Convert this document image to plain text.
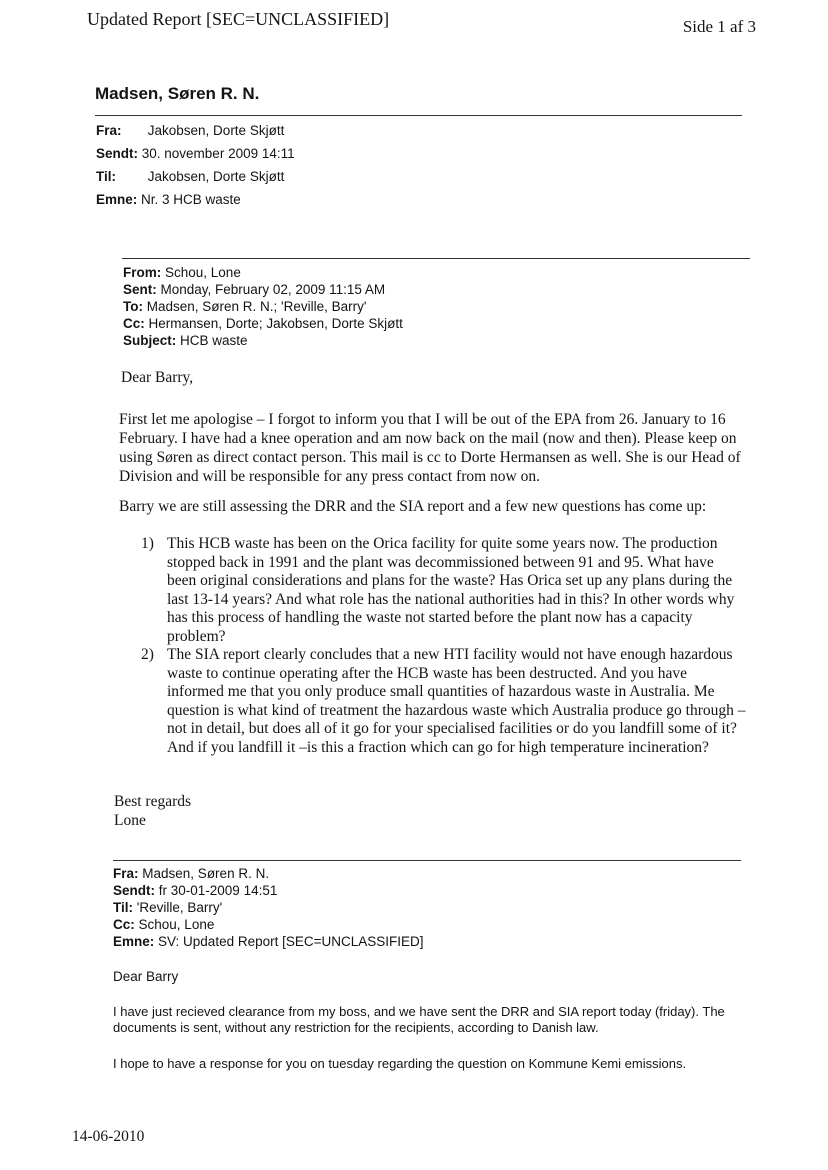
Updated Report [SEC=UNCLASSIFIED]	Side 1 af 3
Madsen, Søren R. N.
Fra: Jakobsen, Dorte Skjøtt
Sendt: 30. november 2009 14:11
Til: Jakobsen, Dorte Skjøtt
Emne: Nr. 3 HCB waste
From: Schou, Lone
Sent: Monday, February 02, 2009 11:15 AM
To: Madsen, Søren R. N.; 'Reville, Barry'
Cc: Hermansen, Dorte; Jakobsen, Dorte Skjøtt
Subject: HCB waste
Dear Barry,
First let me apologise – I forgot to inform you that I will be out of the EPA from 26. January to 16 February. I have had a knee operation and am now back on the mail (now and then). Please keep on using Søren as direct contact person. This mail is cc to Dorte Hermansen as well. She is our Head of Division and will be responsible for any press contact from now on.
Barry we are still assessing the DRR and the SIA report and a few new questions has come up:
1) This HCB waste has been on the Orica facility for quite some years now. The production stopped back in 1991 and the plant was decommissioned between 91 and 95. What have been original considerations and plans for the waste? Has Orica set up any plans during the last 13-14 years? And what role has the national authorities had in this? In other words why has this process of handling the waste not started before the plant now has a capacity problem?
2) The SIA report clearly concludes that a new HTI facility would not have enough hazardous waste to continue operating after the HCB waste has been destructed. And you have informed me that you only produce small quantities of hazardous waste in Australia. Me question is what kind of treatment the hazardous waste which Australia produce go through – not in detail, but does all of it go for your specialised facilities or do you landfill some of it? And if you landfill it –is this a fraction which can go for high temperature incineration?
Best regards
Lone
Fra: Madsen, Søren R. N.
Sendt: fr 30-01-2009 14:51
Til: 'Reville, Barry'
Cc: Schou, Lone
Emne: SV: Updated Report [SEC=UNCLASSIFIED]
Dear Barry
I have just recieved clearance from my boss, and we have sent the DRR and SIA report today (friday). The documents is sent, without any restriction for the recipients, according to Danish law.
I hope to have a response for you on tuesday regarding the question on Kommune Kemi emissions.
14-06-2010
